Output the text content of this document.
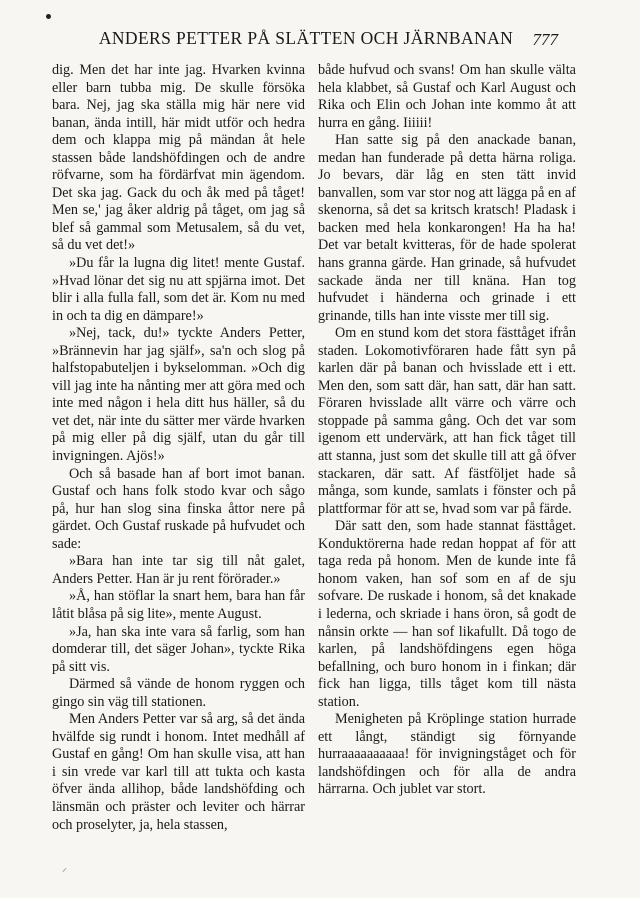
ANDERS PETTER PÅ SLÄTTEN OCH JÄRNBANAN	777

dig. Men det har inte jag. Hvarken kvinna eller barn tubba mig. De skulle försöka bara. Nej, jag ska ställa mig här nere vid banan, ända intill, här midt utför och hedra dem och klappa mig på mändan åt hele stassen både landshöfdingen och de andre röfvarne, som ha fördärfvat min ägendom. Det ska jag. Gack du och åk med på tåget! Men se,' jag åker aldrig på tåget, om jag så blef så gammal som Metusalem, så du vet, så du vet det!»

»Du får la lugna dig litet! mente Gustaf. »Hvad lönar det sig nu att spjärna imot. Det blir i alla fulla fall, som det är. Kom nu med in och ta dig en dämpare!»

»Nej, tack, du!» tyckte Anders Petter, »Brännevin har jag själf», sa'n och slog på halfstopabuteljen i bykselomman. »Och dig vill jag inte ha nånting mer att göra med och inte med någon i hela ditt hus häller, så du vet det, när inte du sätter mer värde hvarken på mig eller på dig själf, utan du går till invigningen. Ajös!»

Och så basade han af bort imot banan. Gustaf och hans folk stodo kvar och sågo på, hur han slog sina finska åttor nere på gärdet. Och Gustaf ruskade på hufvudet och sade:

»Bara han inte tar sig till nåt galet, Anders Petter. Han är ju rent förörader.»

»Å, han stöflar la snart hem, bara han får låtit blåsa på sig lite», mente August.

»Ja, han ska inte vara så farlig, som han domderar till, det säger Johan», tyckte Rika på sitt vis.

Därmed så vände de honom ryggen och gingo sin väg till stationen.

Men Anders Petter var så arg, så det ända hvälfde sig rundt i honom. Intet medhåll af Gustaf en gång! Om han skulle visa, att han i sin vrede var karl till att tukta och kasta öfver ända allihop, både landshöfding och länsmän och präster och leviter och härrar och proselyter, ja, hela stassen,

både hufvud och svans! Om han skulle välta hela klabbet, så Gustaf och Karl August och Rika och Elin och Johan inte kommo åt att hurra en gång. Iiiiii!

Han satte sig på den anackade banan, medan han funderade på detta härna roliga. Jo bevars, där låg en sten tätt invid banvallen, som var stor nog att lägga på en af skenorna, så det sa kritsch kratsch! Pladask i backen med hela konkarongen! Ha ha ha! Det var betalt kvitteras, för de hade spolerat hans granna gärde. Han grinade, så hufvudet sackade ända ner till knäna. Han tog hufvudet i händerna och grinade i ett grinande, tills han inte visste mer till sig.

Om en stund kom det stora fästtåget ifrån staden. Lokomotivföraren hade fått syn på karlen där på banan och hvisslade ett i ett. Men den, som satt där, han satt, där han satt. Föraren hvisslade allt värre och värre och stoppade på samma gång. Och det var som igenom ett undervärk, att han fick tåget till att stanna, just som det skulle till att gå öfver stackaren, där satt. Af fästföljet hade så många, som kunde, samlats i fönster och på plattformar för att se, hvad som var på färde.

Där satt den, som hade stannat fästtåget. Konduktörerna hade redan hoppat af för att taga reda på honom. Men de kunde inte få honom vaken, han sof som en af de sju sofvare. De ruskade i honom, så det knakade i lederna, och skriade i hans öron, så godt de nånsin orkte — han sof likafullt. Då togo de karlen, på landshöfdingens egen höga befallning, och buro honom in i finkan; där fick han ligga, tills tåget kom till nästa station.

Menigheten på Kröplinge station hurrade ett långt, ständigt sig förnyande hurraaaaaaaaaa! för invigningståget och för landshöfdingen och för alla de andra härrarna. Och jublet var stort.

⸝
